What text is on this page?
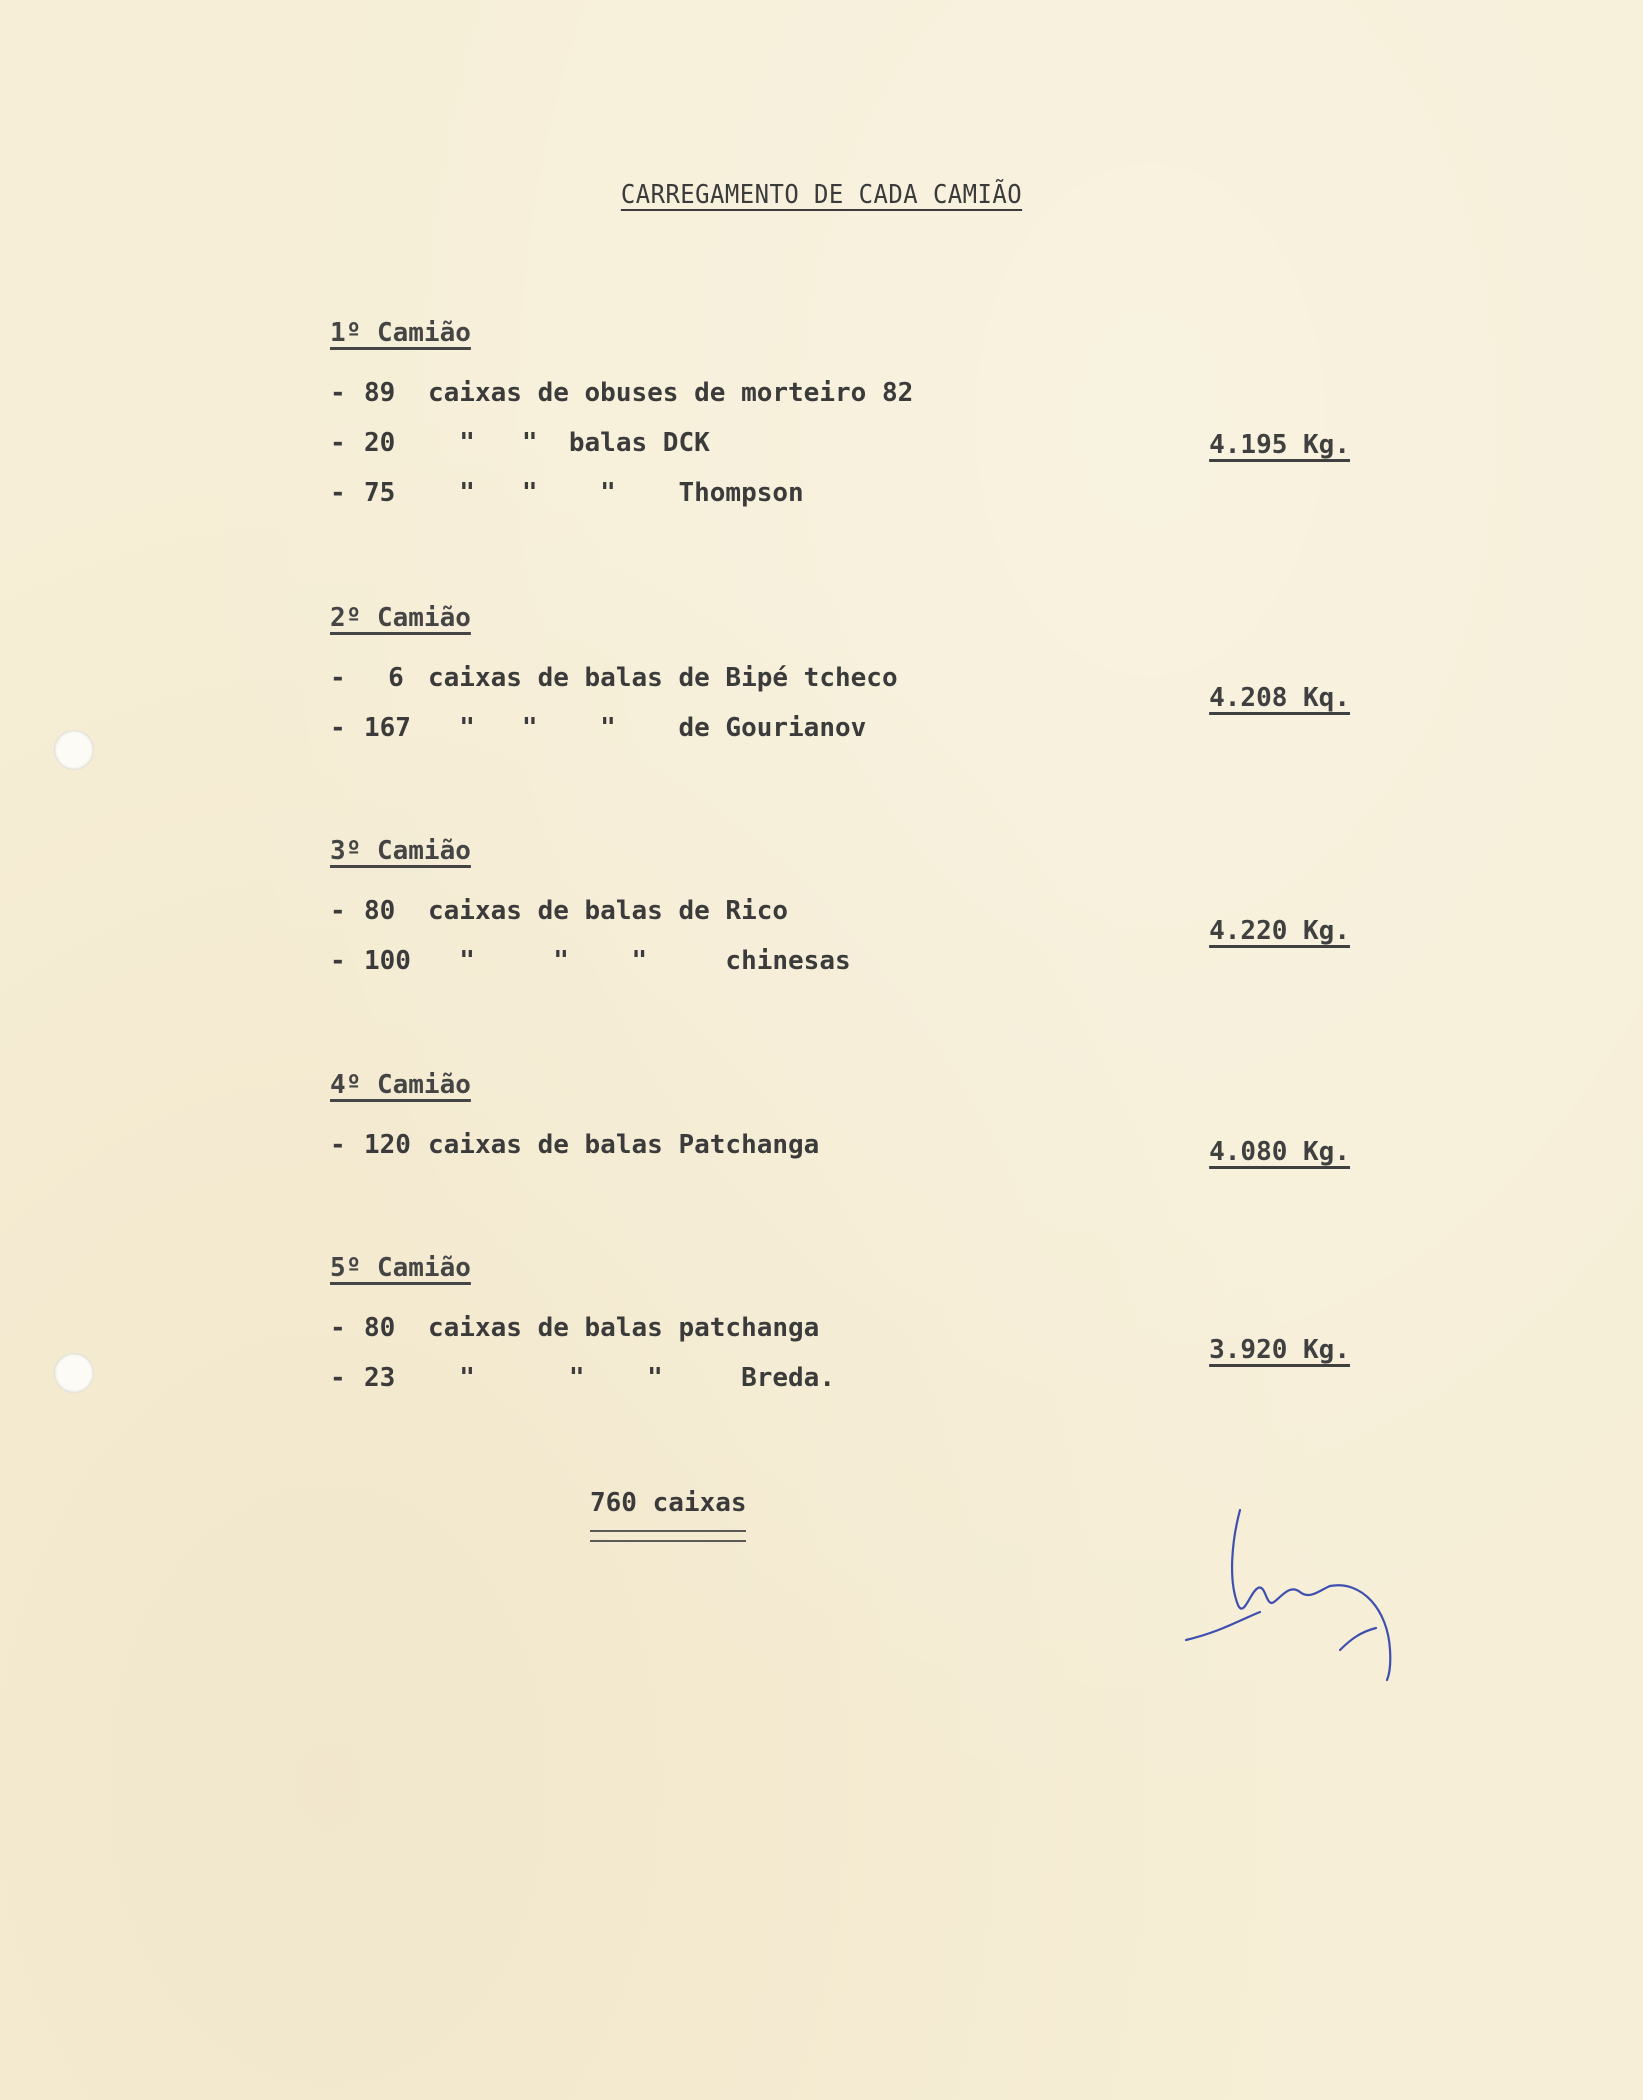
CARREGAMENTO DE CADA CAMIÃO
1º Camião
- 89	caixas de obuses de morteiro 82
- 20	"   "  balas DCK
- 75	"   "    "    Thompson
4.195 Kg.
2º Camião
-	6 caixas de balas de Bipé tcheco
- 167 "   "    "    de Gourianov
4.208 Kq.
3º Camião
- 80	caixas de balas de Rico
- 100 "     "    "     chinesas
4.220 Kg.
4º Camião
- 120 caixas de balas Patchanga	4.080 Kg.
5º Camião
- 80	caixas de balas patchanga
- 23	"      "    "     Breda.
3.920 Kg.
760 caixas
